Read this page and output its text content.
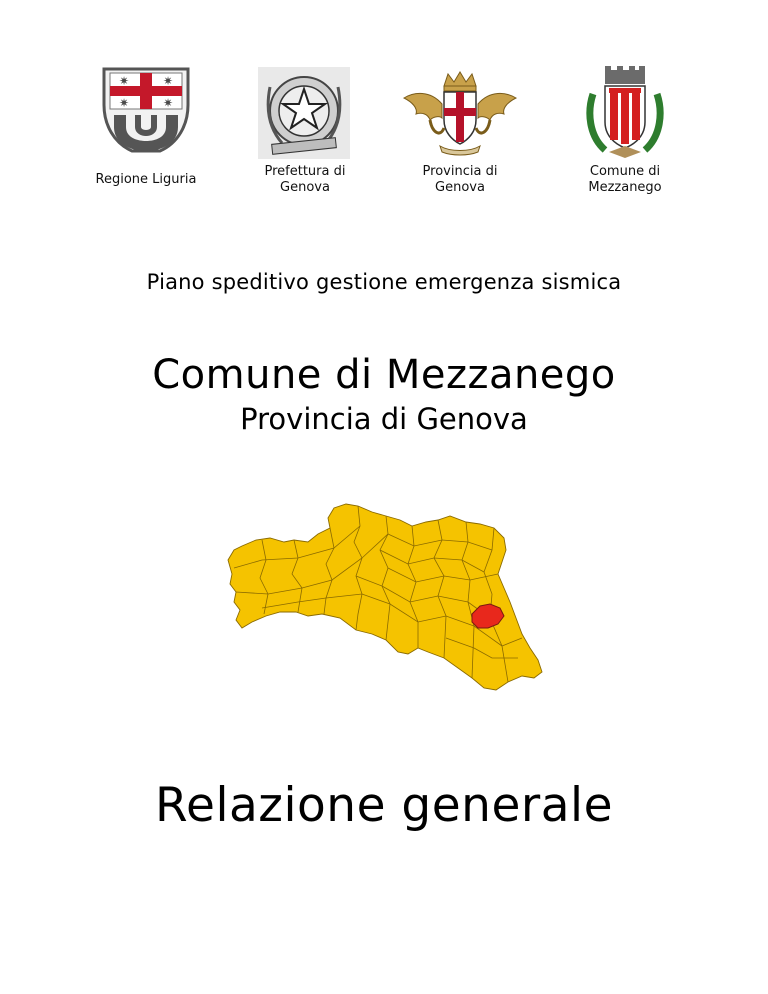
✷	✷
✷	✷
Regione Liguria
Prefettura di
Genova
Provincia di
Genova
Comune di
Mezzanego
Piano speditivo gestione emergenza sismica
Comune di Mezzanego
Provincia di Genova
Relazione generale
